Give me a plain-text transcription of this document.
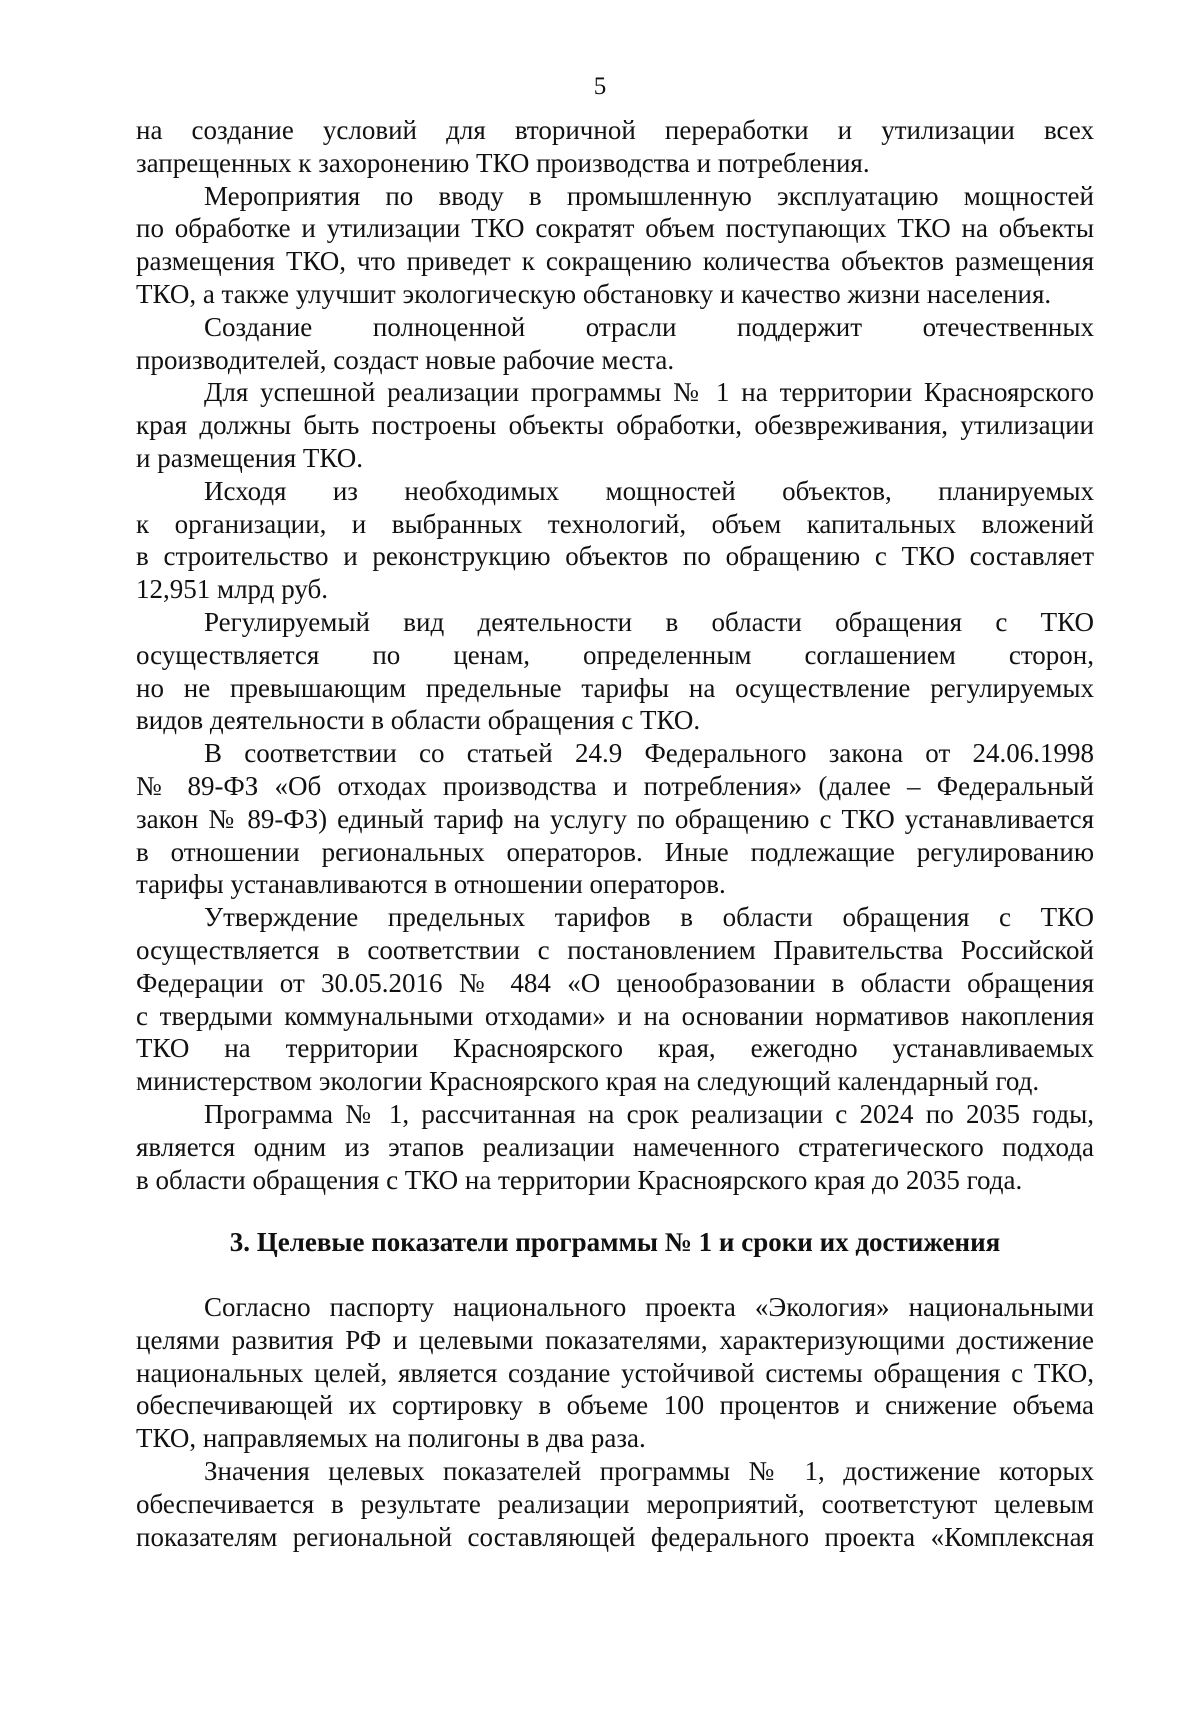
5

на создание условий для вторичной переработки и утилизации всех
запрещенных к захоронению ТКО производства и потребления.

Мероприятия по вводу в промышленную эксплуатацию мощностей
по обработке и утилизации ТКО сократят объем поступающих ТКО на объекты
размещения ТКО, что приведет к сокращению количества объектов размещения
ТКО, а также улучшит экологическую обстановку и качество жизни населения.

Создание полноценной отрасли поддержит отечественных
производителей, создаст новые рабочие места.

Для успешной реализации программы № 1 на территории Красноярского
края должны быть построены объекты обработки, обезвреживания, утилизации
и размещения ТКО.

Исходя из необходимых мощностей объектов, планируемых
к организации, и выбранных технологий, объем капитальных вложений
в строительство и реконструкцию объектов по обращению с ТКО составляет
12,951 млрд руб.

Регулируемый вид деятельности в области обращения с ТКО
осуществляется по ценам, определенным соглашением сторон,
но не превышающим предельные тарифы на осуществление регулируемых
видов деятельности в области обращения с ТКО.

В соответствии со статьей 24.9 Федерального закона от 24.06.1998
№ 89-ФЗ «Об отходах производства и потребления» (далее – Федеральный
закон № 89-ФЗ) единый тариф на услугу по обращению с ТКО устанавливается
в отношении региональных операторов. Иные подлежащие регулированию
тарифы устанавливаются в отношении операторов.

Утверждение предельных тарифов в области обращения с ТКО
осуществляется в соответствии с постановлением Правительства Российской
Федерации от 30.05.2016 № 484 «О ценообразовании в области обращения
с твердыми коммунальными отходами» и на основании нормативов накопления
ТКО на территории Красноярского края, ежегодно устанавливаемых
министерством экологии Красноярского края на следующий календарный год.

Программа № 1, рассчитанная на срок реализации с 2024 по 2035 годы,
является одним из этапов реализации намеченного стратегического подхода
в области обращения с ТКО на территории Красноярского края до 2035 года.

3. Целевые показатели программы № 1 и сроки их достижения

Согласно паспорту национального проекта «Экология» национальными
целями развития РФ и целевыми показателями, характеризующими достижение
национальных целей, является создание устойчивой системы обращения с ТКО,
обеспечивающей их сортировку в объеме 100 процентов и снижение объема
ТКО, направляемых на полигоны в два раза.

Значения целевых показателей программы № 1, достижение которых
обеспечивается в результате реализации мероприятий, соответстуют целевым
показателям региональной составляющей федерального проекта «Комплексная
